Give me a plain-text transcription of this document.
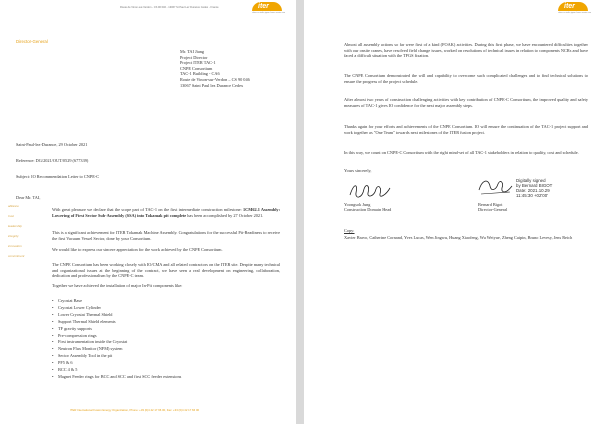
Route de Vinon-sur-Verdon - CS 90 046 - 13067 St Paul Lez Durance Cedex - France	iter
china eu india japan korea russia usa
Director-General
Mr. TAI Jiang
Project Director
Project ITER TAC-1
CNPE Consortium
TAC-1 Building - CA6
Route de Vinon-sur-Verdon – CS 90 046
13067 Saint Paul lez Durance Cedex
Saint-Paul-lez-Durance, 29 October 2021
Reference: DG/2021/OUT/0529 (677339)
Subject: IO Recommendation Letter to CNPE-C
Dear Mr. TAI,
With great pleasure we declare that the scope part of TAC-1 on the first intermediate construction milestone: 1CM62.1 Assembly: Lowering of First Sector Sub-Assembly (SSA) into Tokamak pit complete has been accomplished by 27 October 2021.
This is a significant achievement for ITER Tokamak Machine Assembly. Congratulations for the successful Pit-Readiness to receive the first Vacuum Vessel Sector, done by your Consortium.
We would like to express our sincere appreciation for the work achieved by the CNPE Consortium.
The CNPE Consortium has been working closely with IO/CMA and all related contractors on the ITER site. Despite many technical and organizational issues at the beginning of the contract, we have seen a real development on engineering, collaboration, dedication and professionalism by the CNPE-C team.
Together we have achieved the installation of major In-Pit components like:
ailliance
trust
leadership
integrity
innovation
commitment
• Cryostat Base
• Cryostat Lower Cylinder
• Lower Cryostat Thermal Shield
• Support Thermal Shield elements
• TF gravity supports
• Pre-compression rings
• First instrumentation inside the Cryostat
• Neutron Flux Monitor (NFM) system
• Sector Assembly Tool in the pit
• PF5 & 6
• BCC 4 & 5
• Magnet Feeder rings for BCC and SCC and first SCC feeder extensions
ITER International Fusion Energy Organization, Phone: +33 (0)4 42 17 66 00, Fax: +33 (0)4 42 17 66 00
iter
china eu india japan korea russia usa
Almost all assembly actions so far were first of a kind (FOAK) activities. During this first phase, we have encountered difficulties together with our onsite cranes, have resolved field change issues, worked on resolutions of technical issues in relation to components NCRs and have faced a difficult situation with the TFGS fixation.
The CNPE Consortium demonstrated the will and capability to overcome such complicated challenges and to find technical solutions to ensure the progress of the project schedule.
After almost two years of construction challenging activities with key contribution of CNPE-C Consortium, the improved quality and safety measures of TAC-1 gives IO confidence for the next major assembly steps.
Thanks again for your efforts and achievements of the CNPE Consortium. IO will ensure the continuation of the TAC-1 project support and work together as "One Team" towards next milestones of the ITER fusion project.
In this way, we count on CNPE-C Consortium with the right mind-set of all TAC-1 stakeholders in relation to quality, cost and schedule.
Yours sincerely,
Yoongsok Jung
Construction Domain Head
Digitally signed
by Bernard BIGOT
Date: 2021.10.29
11:45:30 +02'00'
Bernard Bigot
Director-General
Copy:
Xavier Bravo, Catherine Cornand, Yves Lucas, Wen Jingwu, Huang Xiaofeng, Wu Weiyue, Zheng Caipin, Bruno Levesy, Jens Reich
